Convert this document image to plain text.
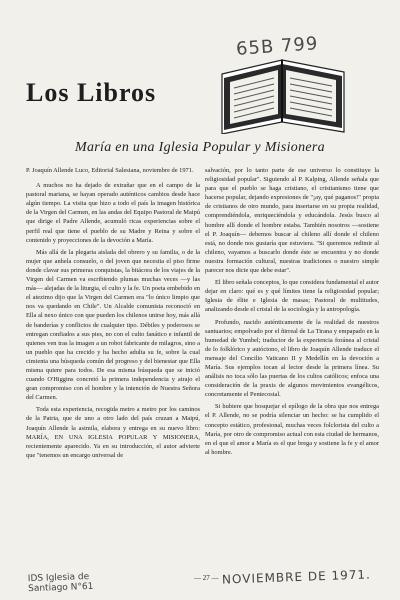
65B 799
Los Libros
María en una Iglesia Popular y Misionera
P. Joaquín Allende Luco, Editorial Salesiana, noviembre de 1971.

A muchos no ha dejado de extrañar que en el campo de la pastoral mariana, se hayan operado auténticos cambios desde hace algún tiempo. La visita que hizo a todo el país la imagen histórica de la Virgen del Carmen, en las andas del Equipo Pastoral de Maipú que dirige el Padre Allende, acumuló ricas experiencias sobre el perfil real que tiene el pueblo de su Madre y Reina y sobre el contenido y proyecciones de la devoción a María.

Más allá de la plegaria aislada del obrero y su familia, o de la mujer que anhela consuelo, o del joven que necesita el piso firme donde clavar sus primeras conquistas, la bitácora de los viajes de la Virgen del Carmen va escribiendo plumas muchas veces —y las más— alejadas de la liturgia, el culto y la fe. Un poeta embebido en el atezimo dijo que la Virgen del Carmen era "lo único limpio que nos va quedando en Chile". Un Alcalde comunista reconoció en Ella al nexo único con que pueden los chilenos unirse hoy, más allá de banderías y conflictos de cualquier tipo. Débiles y poderosos se entregan confiados a sus pies, no con el culto fanático e infantil de quienes ven tras la imagen a un robot fabricante de milagros, sino a un pueblo que ha crecido y ha hecho adulta su fe, sobre la cual cimienta una búsqueda común del progreso y del bienestar que Ella misma quiere para todos. De esa misma búsqueda que se inició cuando O'Higgins concretó la primera independencia y atrajo el gran compromiso con el hombre y la intención de Nuestra Señora del Carmen.

Toda esta experiencia, recogida metro a metro por los caminos de la Patria, que de uno a otro lado del país cruzan a Maipú, Joaquín Allende la asimila, elabora y entrega en su nuevo libro: MARÍA, EN UNA IGLESIA POPULAR Y MISIONERA, recientemente aparecido. Ya en su introducción, el autor advierte que "tenemos un encargo universal de

salvación, por lo tanto parte de ese universo lo constituye la religiosidad popular". Siguiendo al P. Kalping, Allende señala que para que el pueblo se haga cristiano, el cristianismo tiene que hacerse popular, dejando expresiones de "¡ay, qué paganos!" propia de cristianos de otro mundo, para insertarse en su propia realidad, comprendiéndola, enriqueciéndola y educándola. Jesús busco al hombre allí donde el hombre estaba. También nosotros —sostiene el P. Joaquín— debemos buscar al chileno allí donde el chileno está, no donde nos gustaría que estuviera. "Si queremos redimir al chileno, vayamos a buscarlo donde éste se encuentra y no donde nuestra formación cultural, nuestras tradiciones o nuestro simple parecer nos dicte que debe estar".

El libro señala conceptos, lo que considera fundamental el autor dejar en claro: qué es y qué límites tiene la religiosidad popular; Iglesia de élite e Iglesia de masas; Pastoral de multitudes, analizando desde el cristal de la sociología y la antropología.

Profundo, nacido auténticamente de la realidad de nuestros santuarios; empolvado por el ñirreal de La Tirana y empapado en la humedad de Yumbel; traductor de la experiencia foránea al cristal de lo folklórico y autóctono, el libro de Joaquín Allende traduce el mensaje del Concilio Vaticano II y Medellín en la devoción a María. Sus ejemplos tocan al lector desde la primera línea. Su análisis no toca sólo las puertas de los cultos católicos; enfoca una consideración de la praxis de algunos movimientos evangélicos, concretamente el Pentecostal.

Si hubiere que bosquejar el epílogo de la obra que nos entrega el P. Allende, no se podría silenciar un hecho: se ha cumplido el concepto estático, profesional, muchas veces folclorista del culto a María, por otro de compromiso actual con esta ciudad de hermanos, en el que el amor a María es el que brega y sostiene la fe y el amor al hombre.

IDS Iglesia de
Santiago N°61
— 27 — NOVIEMBRE DE 1971.
